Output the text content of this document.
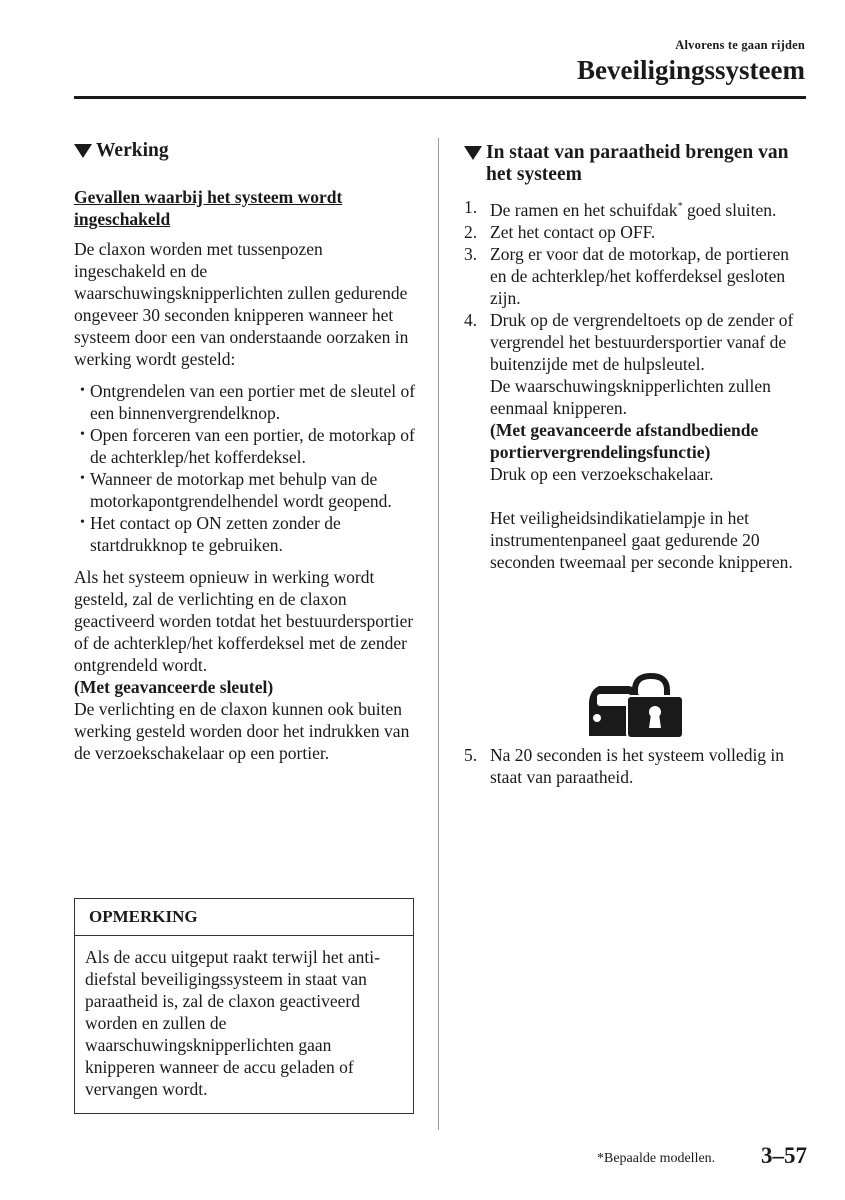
Alvorens te gaan rijden
Beveiligingssysteem
Werking
Gevallen waarbij het systeem wordt ingeschakeld

De claxon worden met tussenpozen ingeschakeld en de waarschuwingsknipperlichten zullen gedurende ongeveer 30 seconden knipperen wanneer het systeem door een van onderstaande oorzaken in werking wordt gesteld:

• Ontgrendelen van een portier met de sleutel of een binnenvergrendelknop.
• Open forceren van een portier, de motorkap of de achterklep/het kofferdeksel.
• Wanneer de motorkap met behulp van de motorkapontgrendelhendel wordt geopend.
• Het contact op ON zetten zonder de startdrukknop te gebruiken.

Als het systeem opnieuw in werking wordt gesteld, zal de verlichting en de claxon geactiveerd worden totdat het bestuurdersportier of de achterklep/het kofferdeksel met de zender ontgrendeld wordt.

(Met geavanceerde sleutel)

De verlichting en de claxon kunnen ook buiten werking gesteld worden door het indrukken van de verzoekschakelaar op een portier.

OPMERKING
Als de accu uitgeput raakt terwijl het anti-diefstal beveiligingssysteem in staat van paraatheid is, zal de claxon geactiveerd worden en zullen de waarschuwingsknipperlichten gaan knipperen wanneer de accu geladen of vervangen wordt.
In staat van paraatheid brengen van het systeem
1. De ramen en het schuifdak* goed sluiten.
2. Zet het contact op OFF.
3. Zorg er voor dat de motorkap, de portieren en de achterklep/het kofferdeksel gesloten zijn.
4. Druk op de vergrendeltoets op de zender of vergrendel het bestuurdersportier vanaf de buitenzijde met de hulpsleutel.
De waarschuwingsknipperlichten zullen eenmaal knipperen.
(Met geavanceerde afstandbediende portiervergrendelingsfunctie)
Druk op een verzoekschakelaar.
Het veiligheidsindikatielampje in het instrumentenpaneel gaat gedurende 20 seconden tweemaal per seconde knipperen.
5. Na 20 seconden is het systeem volledig in staat van paraatheid.
*Bepaalde modellen. 3–57
